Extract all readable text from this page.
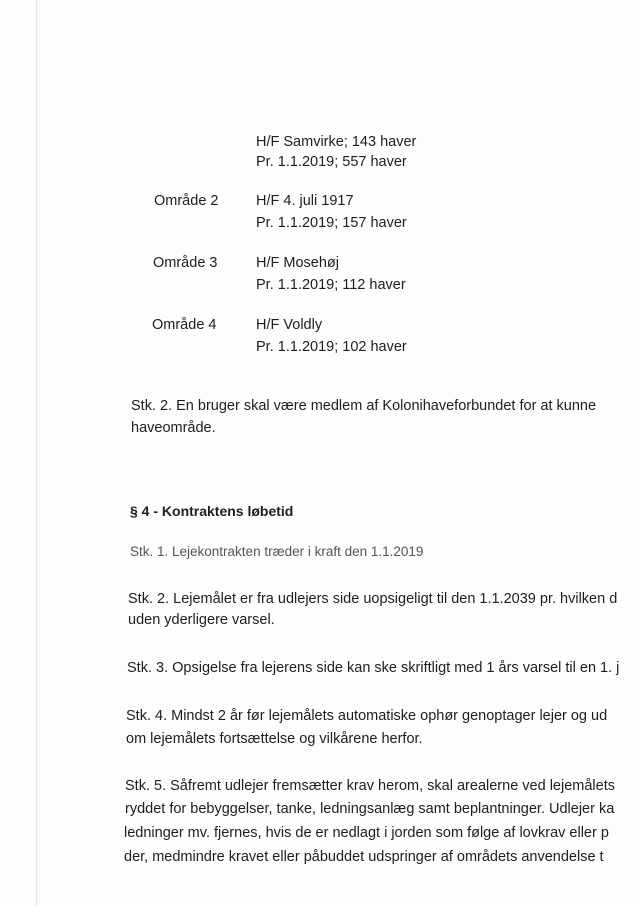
H/F Samvirke; 143 haver
Pr. 1.1.2019; 557 haver
Område 2	H/F 4. juli 1917
Pr. 1.1.2019; 157 haver
Område 3	H/F Mosehøj
Pr. 1.1.2019; 112 haver
Område 4	H/F Voldly
Pr. 1.1.2019; 102 haver
Stk. 2. En bruger skal være medlem af Kolonihaveforbundet for at kunne
haveområde.
§ 4 - Kontraktens løbetid
Stk. 1. Lejekontrakten træder i kraft den 1.1.2019
Stk. 2. Lejemålet er fra udlejers side uopsigeligt til den 1.1.2039 pr. hvilken d
uden yderligere varsel.
Stk. 3. Opsigelse fra lejerens side kan ske skriftligt med 1 års varsel til en 1. j
Stk. 4. Mindst 2 år før lejemålets automatiske ophør genoptager lejer og ud
om lejemålets fortsættelse og vilkårene herfor.
Stk. 5. Såfremt udlejer fremsætter krav herom, skal arealerne ved lejemålets
ryddet for bebyggelser, tanke, ledningsanlæg samt beplantninger. Udlejer ka
ledninger mv. fjernes, hvis de er nedlagt i jorden som følge af lovkrav eller p
der, medmindre kravet eller påbuddet udspringer af områdets anvendelse t
